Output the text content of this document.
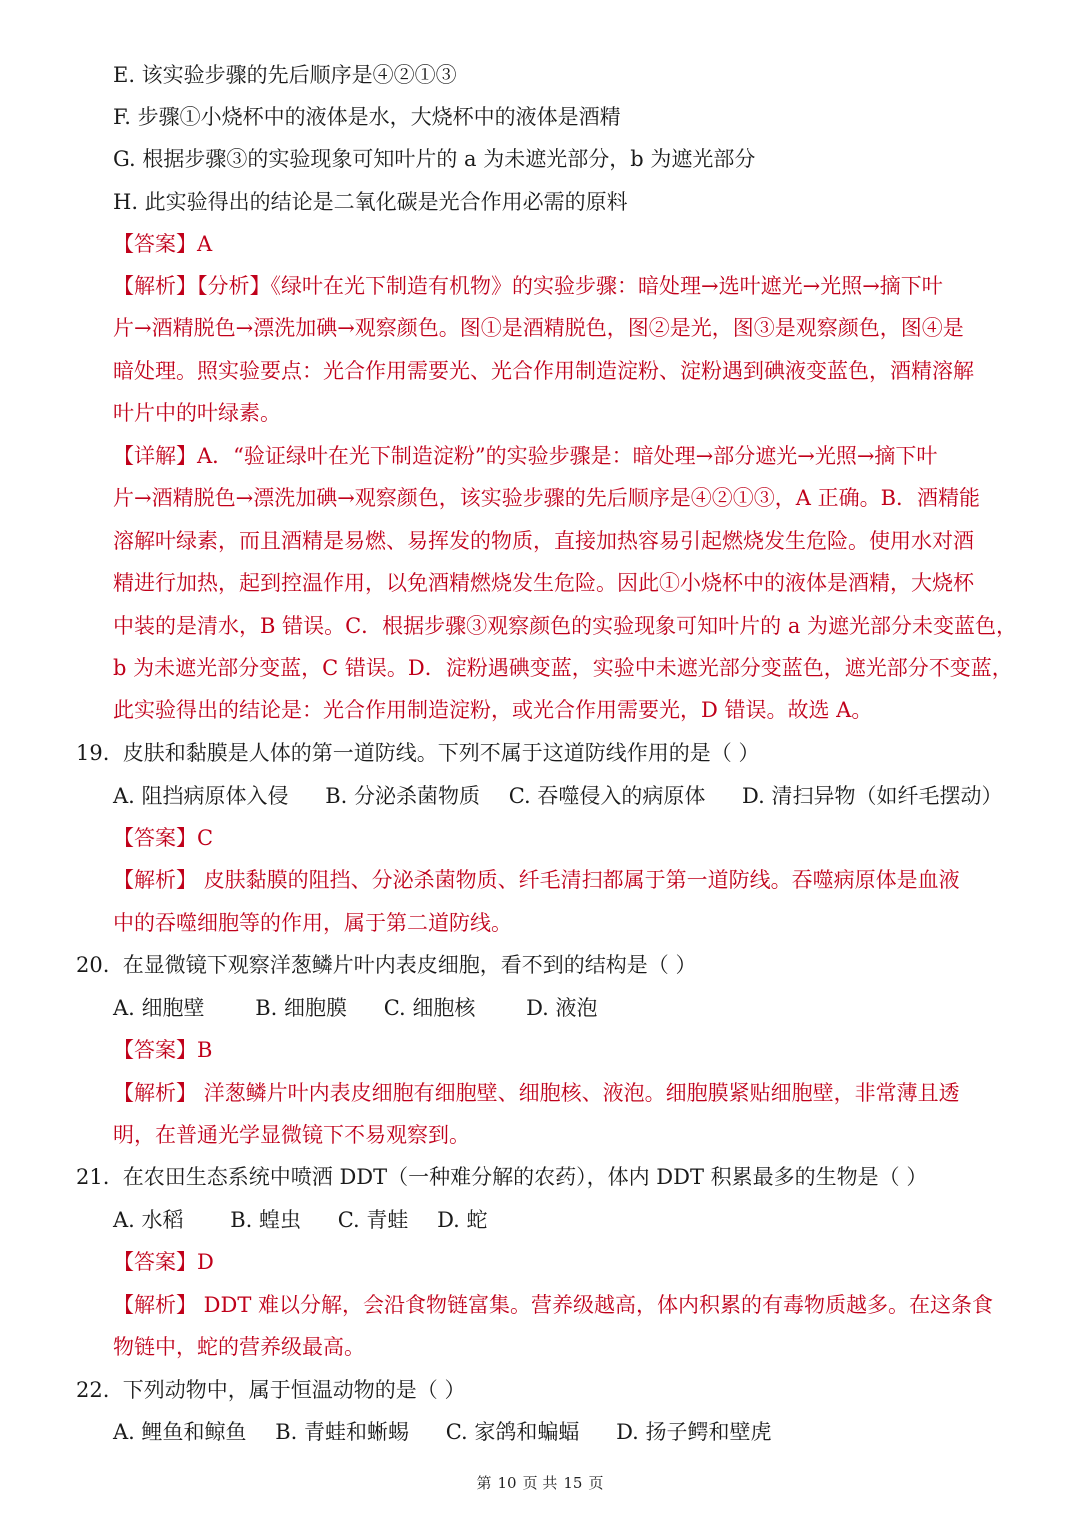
E. 该实验步骤的先后顺序是④②①③
F. 步骤①小烧杯中的液体是水，大烧杯中的液体是酒精
G. 根据步骤③的实验现象可知叶片的 a 为未遮光部分，b 为遮光部分
H. 此实验得出的结论是二氧化碳是光合作用必需的原料
【答案】A
【解析】【分析】《绿叶在光下制造有机物》的实验步骤：暗处理→选叶遮光→光照→摘下叶
片→酒精脱色→漂洗加碘→观察颜色。图①是酒精脱色，图②是光，图③是观察颜色，图④是
暗处理。照实验要点：光合作用需要光、光合作用制造淀粉、淀粉遇到碘液变蓝色，酒精溶解
叶片中的叶绿素。
【详解】A．“验证绿叶在光下制造淀粉”的实验步骤是：暗处理→部分遮光→光照→摘下叶
片→酒精脱色→漂洗加碘→观察颜色，该实验步骤的先后顺序是④②①③，A 正确。B．酒精能
溶解叶绿素，而且酒精是易燃、易挥发的物质，直接加热容易引起燃烧发生危险。使用水对酒
精进行加热，起到控温作用，以免酒精燃烧发生危险。因此①小烧杯中的液体是酒精，大烧杯
中装的是清水，B 错误。C．根据步骤③观察颜色的实验现象可知叶片的 a 为遮光部分未变蓝色，
b 为未遮光部分变蓝，C 错误。D．淀粉遇碘变蓝，实验中未遮光部分变蓝色，遮光部分不变蓝，
此实验得出的结论是：光合作用制造淀粉，或光合作用需要光，D 错误。故选 A。
19. 皮肤和黏膜是人体的第一道防线。下列不属于这道防线作用的是（ ）
A. 阻挡病原体入侵 B. 分泌杀菌物质 C. 吞噬侵入的病原体 D. 清扫异物（如纤毛摆动）
【答案】C
【解析】 皮肤黏膜的阻挡、分泌杀菌物质、纤毛清扫都属于第一道防线。吞噬病原体是血液
中的吞噬细胞等的作用，属于第二道防线。
20. 在显微镜下观察洋葱鳞片叶内表皮细胞，看不到的结构是（ ）
A. 细胞壁 B. 细胞膜 C. 细胞核 D. 液泡
【答案】B
【解析】 洋葱鳞片叶内表皮细胞有细胞壁、细胞核、液泡。细胞膜紧贴细胞壁，非常薄且透
明，在普通光学显微镜下不易观察到。
21. 在农田生态系统中喷洒 DDT（一种难分解的农药），体内 DDT 积累最多的生物是（ ）
A. 水稻 B. 蝗虫 C. 青蛙 D. 蛇
【答案】D
【解析】 DDT 难以分解，会沿食物链富集。营养级越高，体内积累的有毒物质越多。在这条食
物链中，蛇的营养级最高。
22. 下列动物中，属于恒温动物的是（ ）
A. 鲤鱼和鲸鱼 B. 青蛙和蜥蜴 C. 家鸽和蝙蝠 D. 扬子鳄和壁虎
第 10 页 共 15 页
